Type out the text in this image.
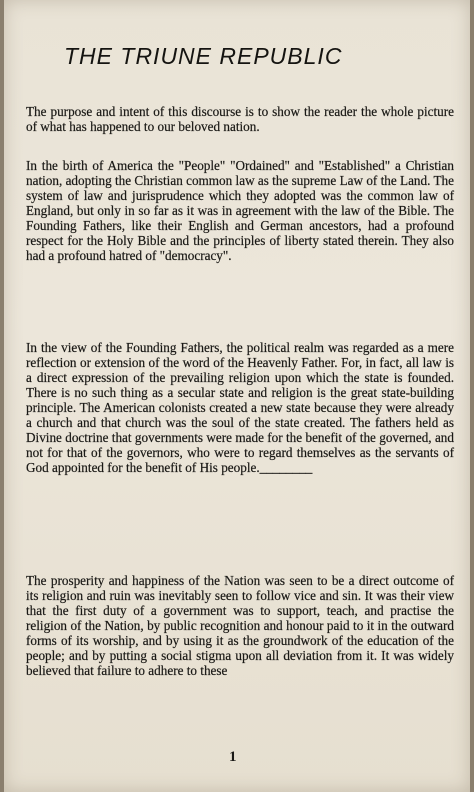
THE TRIUNE REPUBLIC

The purpose and intent of this discourse is to show the reader the whole picture of what has happened to our beloved nation.

In the birth of America the "People" "Ordained" and "Established" a Christian nation, adopting the Christian common law as the supreme Law of the Land. The system of law and jurisprudence which they adopted was the common law of England, but only in so far as it was in agreement with the law of the Bible. The Founding Fathers, like their English and German ancestors, had a profound respect for the Holy Bible and the principles of liberty stated therein. They also had a profound hatred of "democracy".

In the view of the Founding Fathers, the political realm was regarded as a mere reflection or extension of the word of the Heavenly Father. For, in fact, all law is a direct expression of the prevailing religion upon which the state is founded. There is no such thing as a secular state and religion is the great state-building principle. The American colonists created a new state because they were already a church and that church was the soul of the state created. The fathers held as Divine doctrine that governments were made for the benefit of the governed, and not for that of the governors, who were to regard themselves as the servants of God appointed for the benefit of His people.________

The prosperity and happiness of the Nation was seen to be a direct outcome of its religion and ruin was inevitably seen to follow vice and sin. It was their view that the first duty of a government was to support, teach, and practise the religion of the Nation, by public recognition and honour paid to it in the outward forms of its worship, and by using it as the groundwork of the education of the people; and by putting a social stigma upon all deviation from it. It was widely believed that failure to adhere to these

1
